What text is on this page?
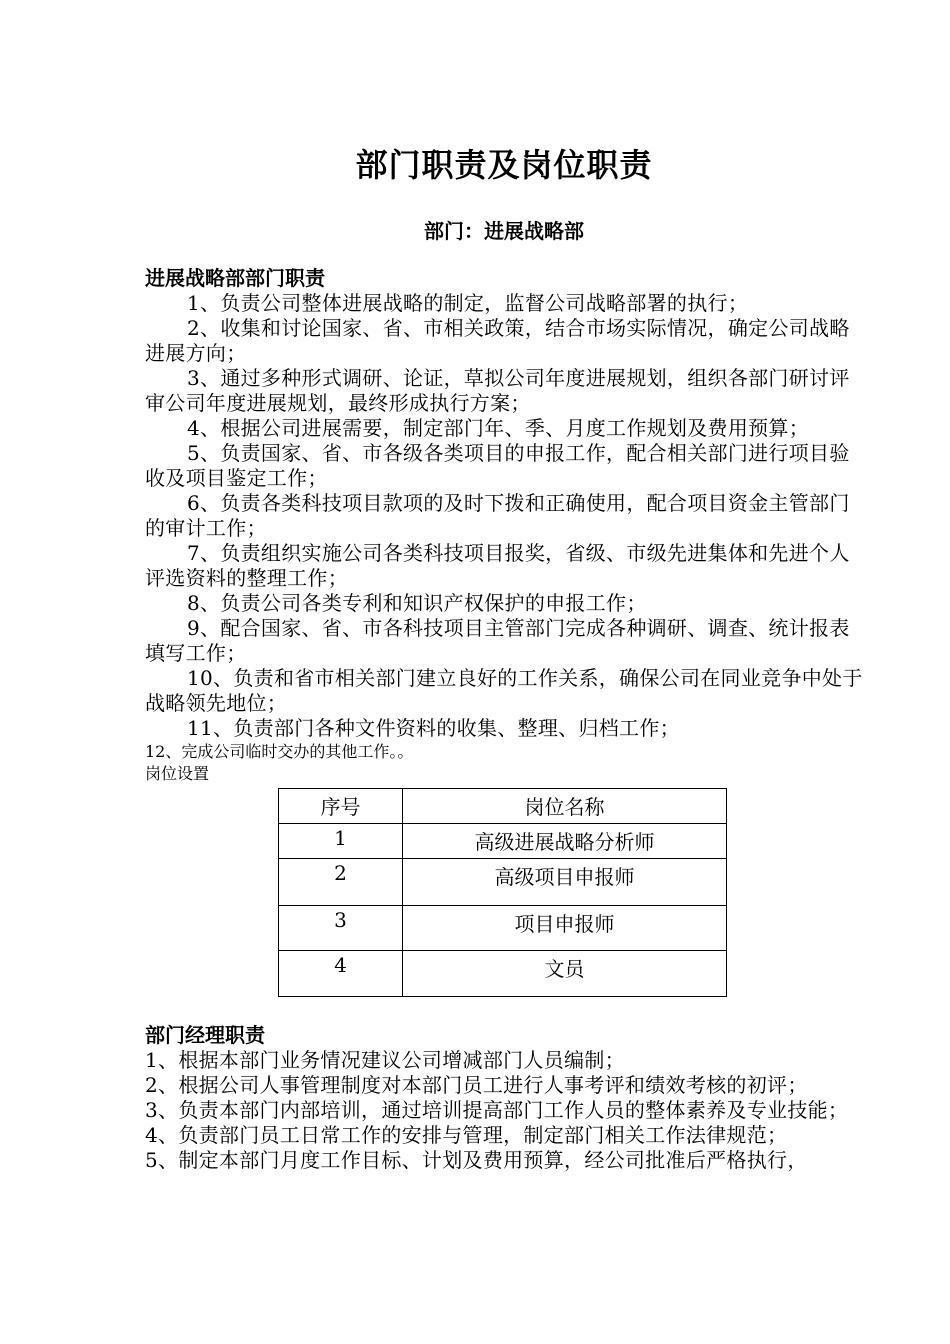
部门职责及岗位职责
部门：进展战略部
进展战略部部门职责

1、负责公司整体进展战略的制定，监督公司战略部署的执行；

2、收集和讨论国家、省、市相关政策，结合市场实际情况，确定公司战略进展方向；

3、通过多种形式调研、论证，草拟公司年度进展规划，组织各部门研讨评审公司年度进展规划，最终形成执行方案；

4、根据公司进展需要，制定部门年、季、月度工作规划及费用预算；

5、负责国家、省、市各级各类项目的申报工作，配合相关部门进行项目验收及项目鉴定工作；

6、负责各类科技项目款项的及时下拨和正确使用，配合项目资金主管部门的审计工作；

7、负责组织实施公司各类科技项目报奖，省级、市级先进集体和先进个人评选资料的整理工作；

8、负责公司各类专利和知识产权保护的申报工作；

9、配合国家、省、市各科技项目主管部门完成各种调研、调查、统计报表填写工作；

10、负责和省市相关部门建立良好的工作关系，确保公司在同业竞争中处于战略领先地位；

11、负责部门各种文件资料的收集、整理、归档工作；

12、完成公司临时交办的其他工作。。

岗位设置

序号	岗位名称
1	高级进展战略分析师
2	高级项目申报师
3	项目申报师
4	文员
部门经理职责

1、根据本部门业务情况建议公司增减部门人员编制；

2、根据公司人事管理制度对本部门员工进行人事考评和绩效考核的初评；

3、负责本部门内部培训，通过培训提高部门工作人员的整体素养及专业技能；

4、负责部门员工日常工作的安排与管理，制定部门相关工作法律规范；

5、制定本部门月度工作目标、计划及费用预算，经公司批准后严格执行，
